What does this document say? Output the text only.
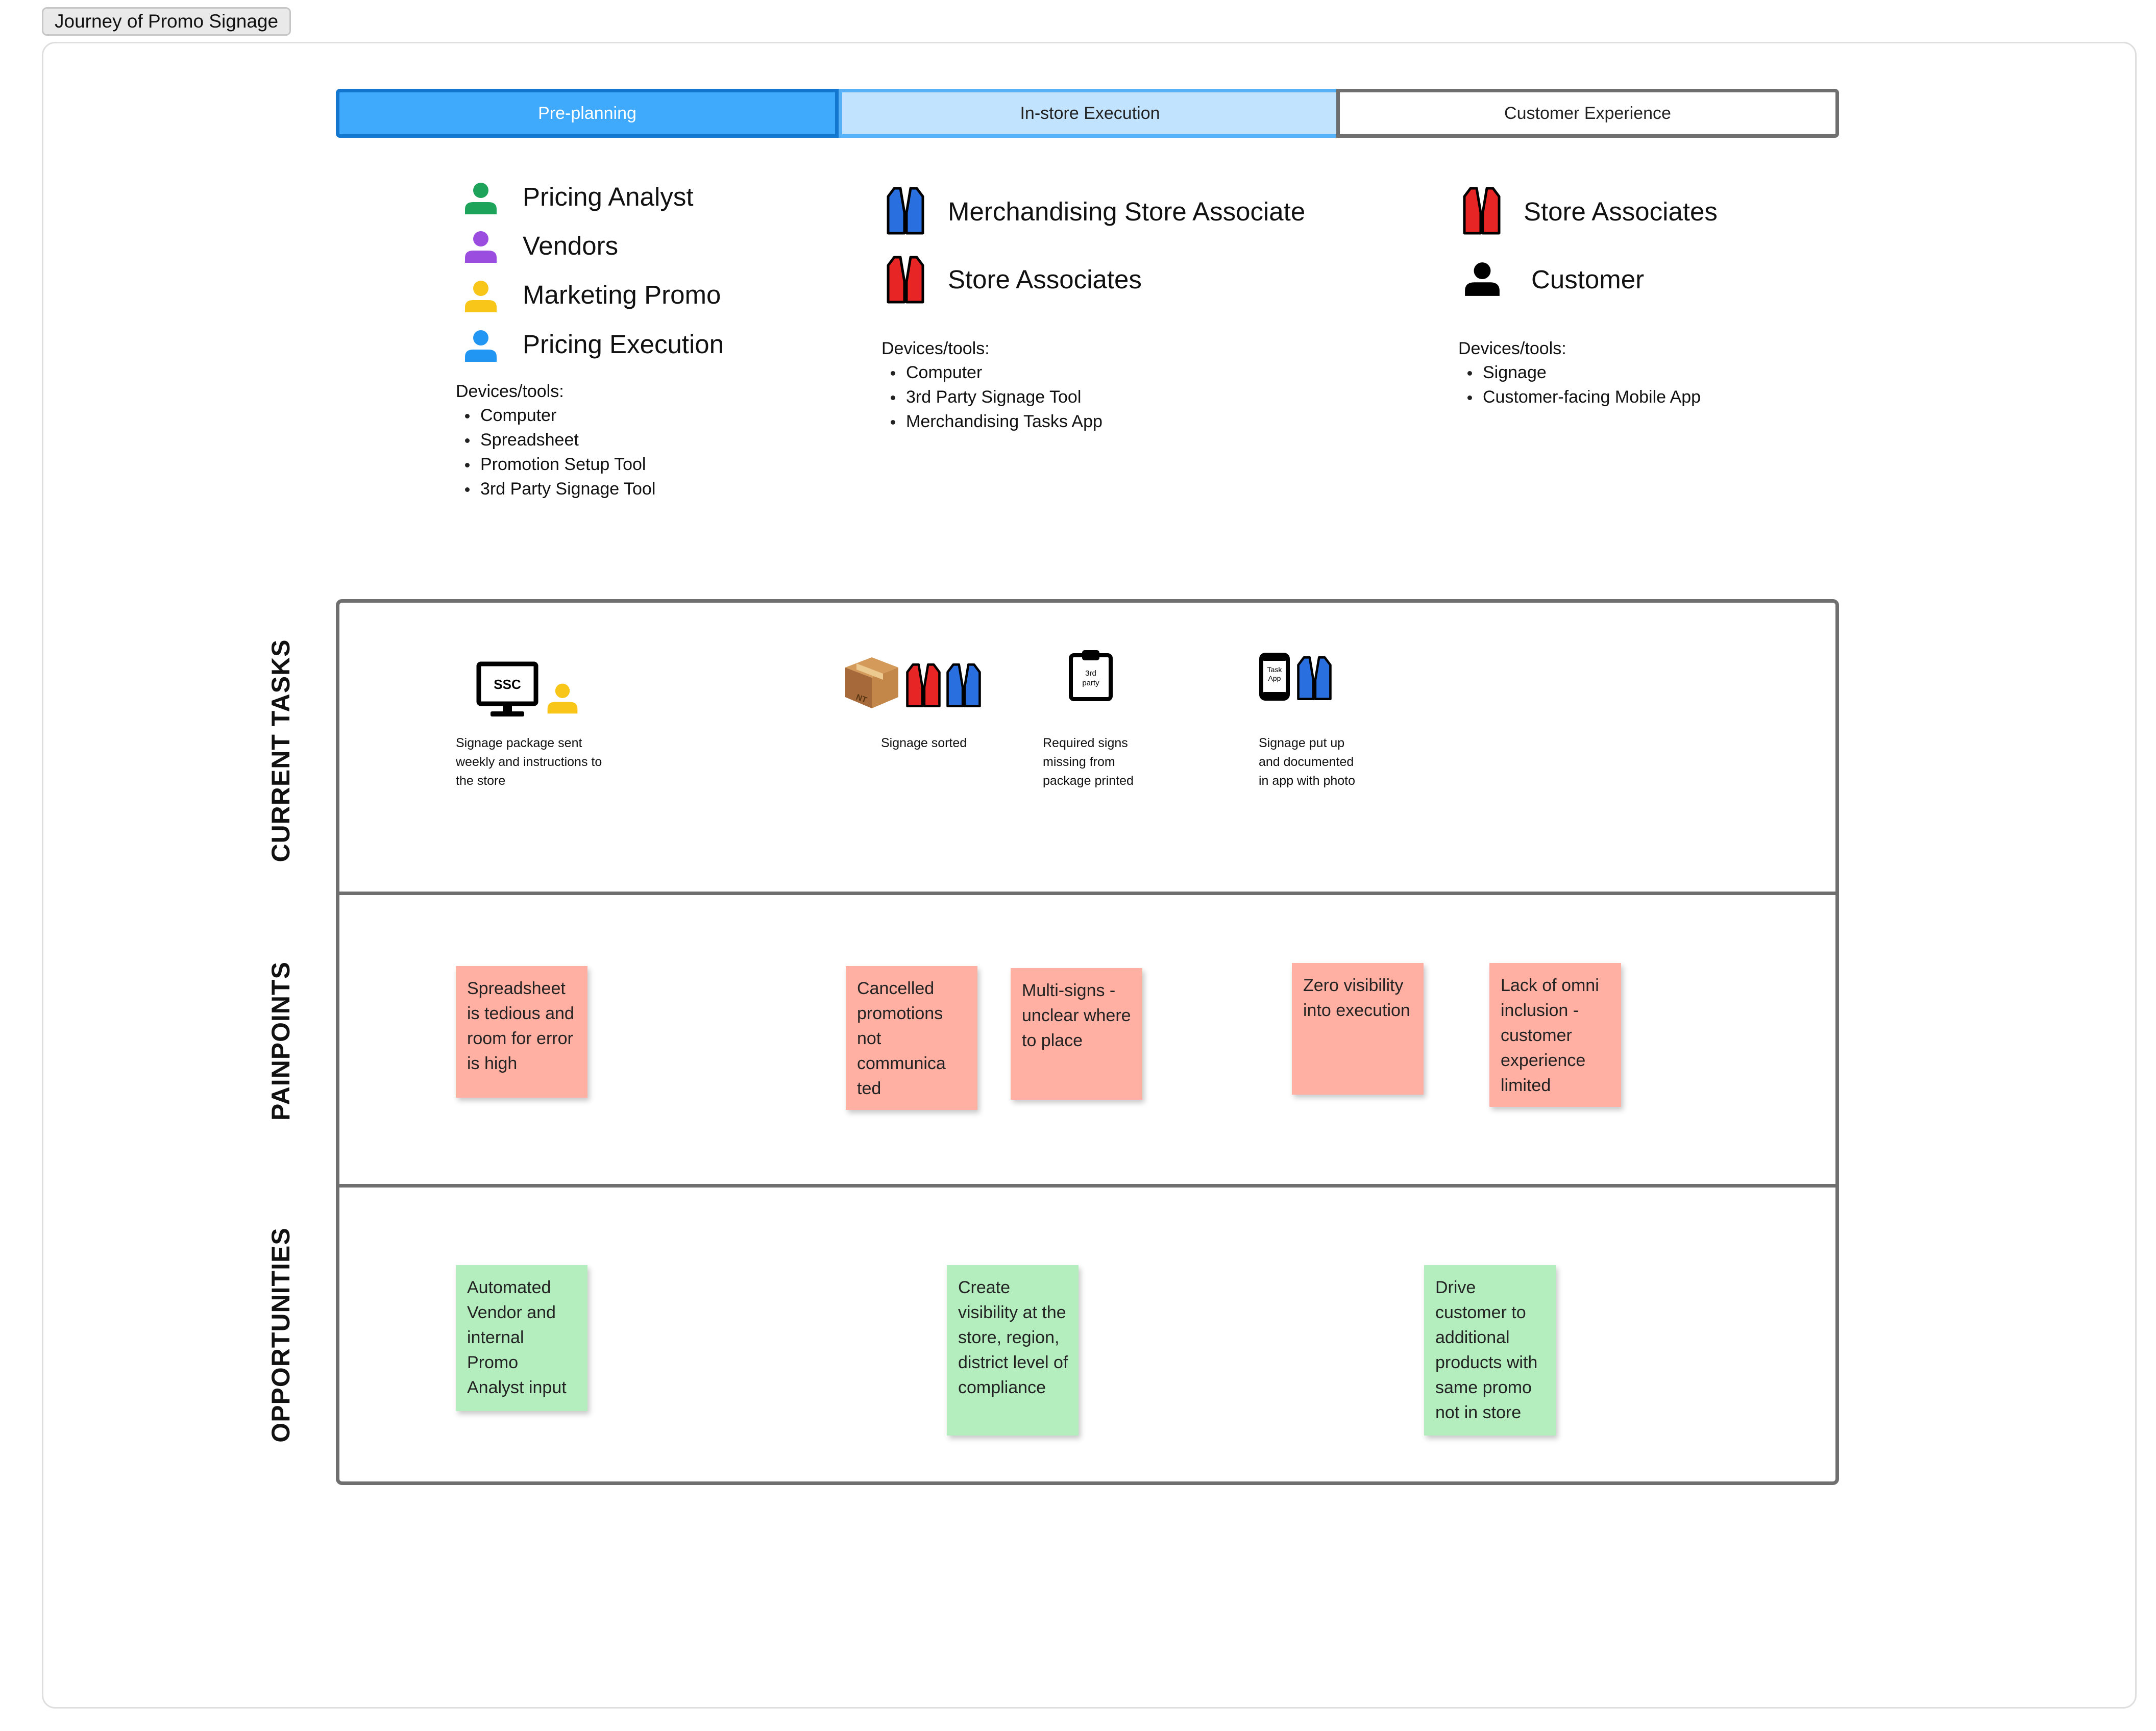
Journey of Promo Signage
Pre-planning	In-store Execution	Customer Experience
Pricing Analyst
Vendors
Marketing Promo
Pricing Execution
Devices/tools:
Computer
Spreadsheet
Promotion Setup Tool
3rd Party Signage Tool
Merchandising Store Associate
Store Associates
Devices/tools:
Computer
3rd Party Signage Tool
Merchandising Tasks App
Store Associates
Customer
Devices/tools:
Signage
Customer-facing Mobile App
CURRENT TASKS
PAINPOINTS
OPPORTUNITIES
SSC

Signage package sent weekly and instructions to the store
NT

Signage sorted
3rd
party
Required signs missing from package printed
Task
App

Signage put up and documented in app with photo
Spreadsheet is tedious and room for error is high
Cancelled promotions not communica ted
Multi-signs - unclear where to place
Zero visibility into execution
Lack of omni inclusion - customer experience limited
Automated Vendor and internal Promo Analyst input
Create visibility at the store, region, district level of compliance
Drive customer to additional products with same promo not in store
